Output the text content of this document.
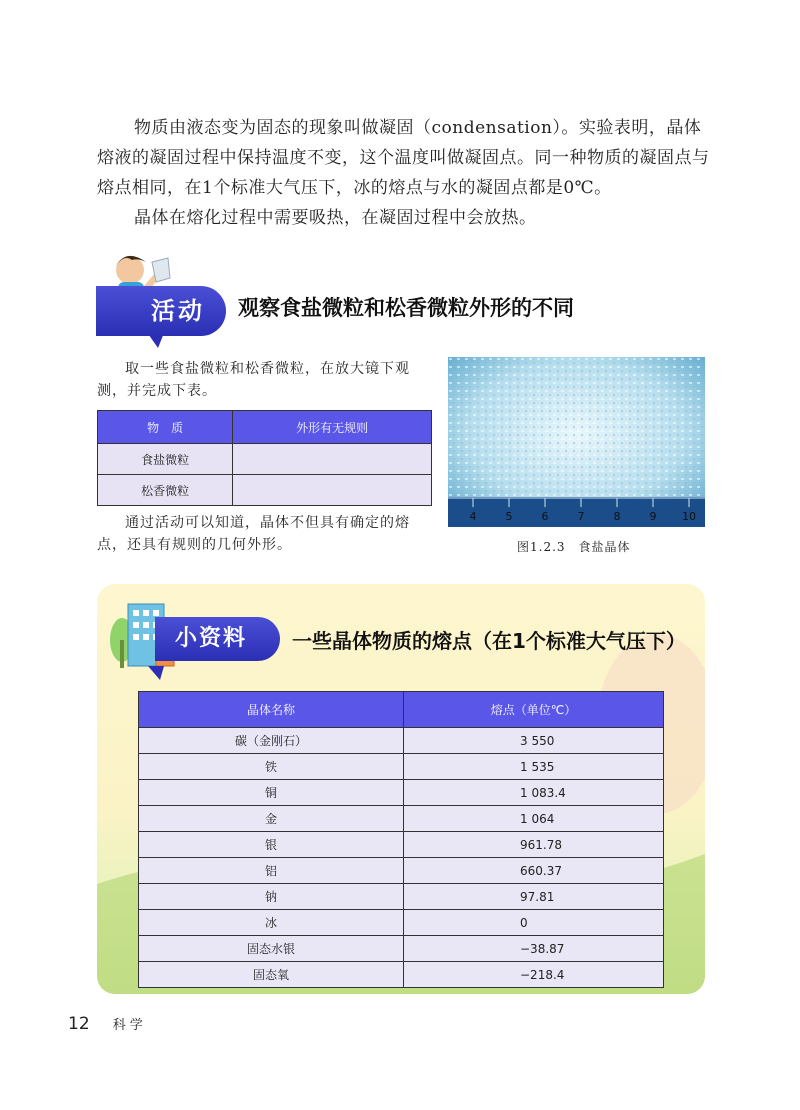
物质由液态变为固态的现象叫做凝固（condensation）。实验表明，晶体熔液的凝固过程中保持温度不变，这个温度叫做凝固点。同一种物质的凝固点与熔点相同，在1个标准大气压下，冰的熔点与水的凝固点都是0℃。

晶体在熔化过程中需要吸热，在凝固过程中会放热。

活动 观察食盐微粒和松香微粒外形的不同

取一些食盐微粒和松香微粒，在放大镜下观测，并完成下表。

物　质	外形有无规则
食盐微粒	
松香微粒	

通过活动可以知道，晶体不但具有确定的熔点，还具有规则的几何外形。

4	5	6	7	8	9 10
图1.2.3　食盐晶体
小资料 一些晶体物质的熔点（在1个标准大气压下）
晶体名称	熔点（单位℃）
碳（金刚石）	3 550
铁	1 535
铜	1 083.4
金	1 064
银	961.78
铝	660.37
钠	97.81
冰	0
固态水银	−38.87
固态氧	−218.4
12 科学
